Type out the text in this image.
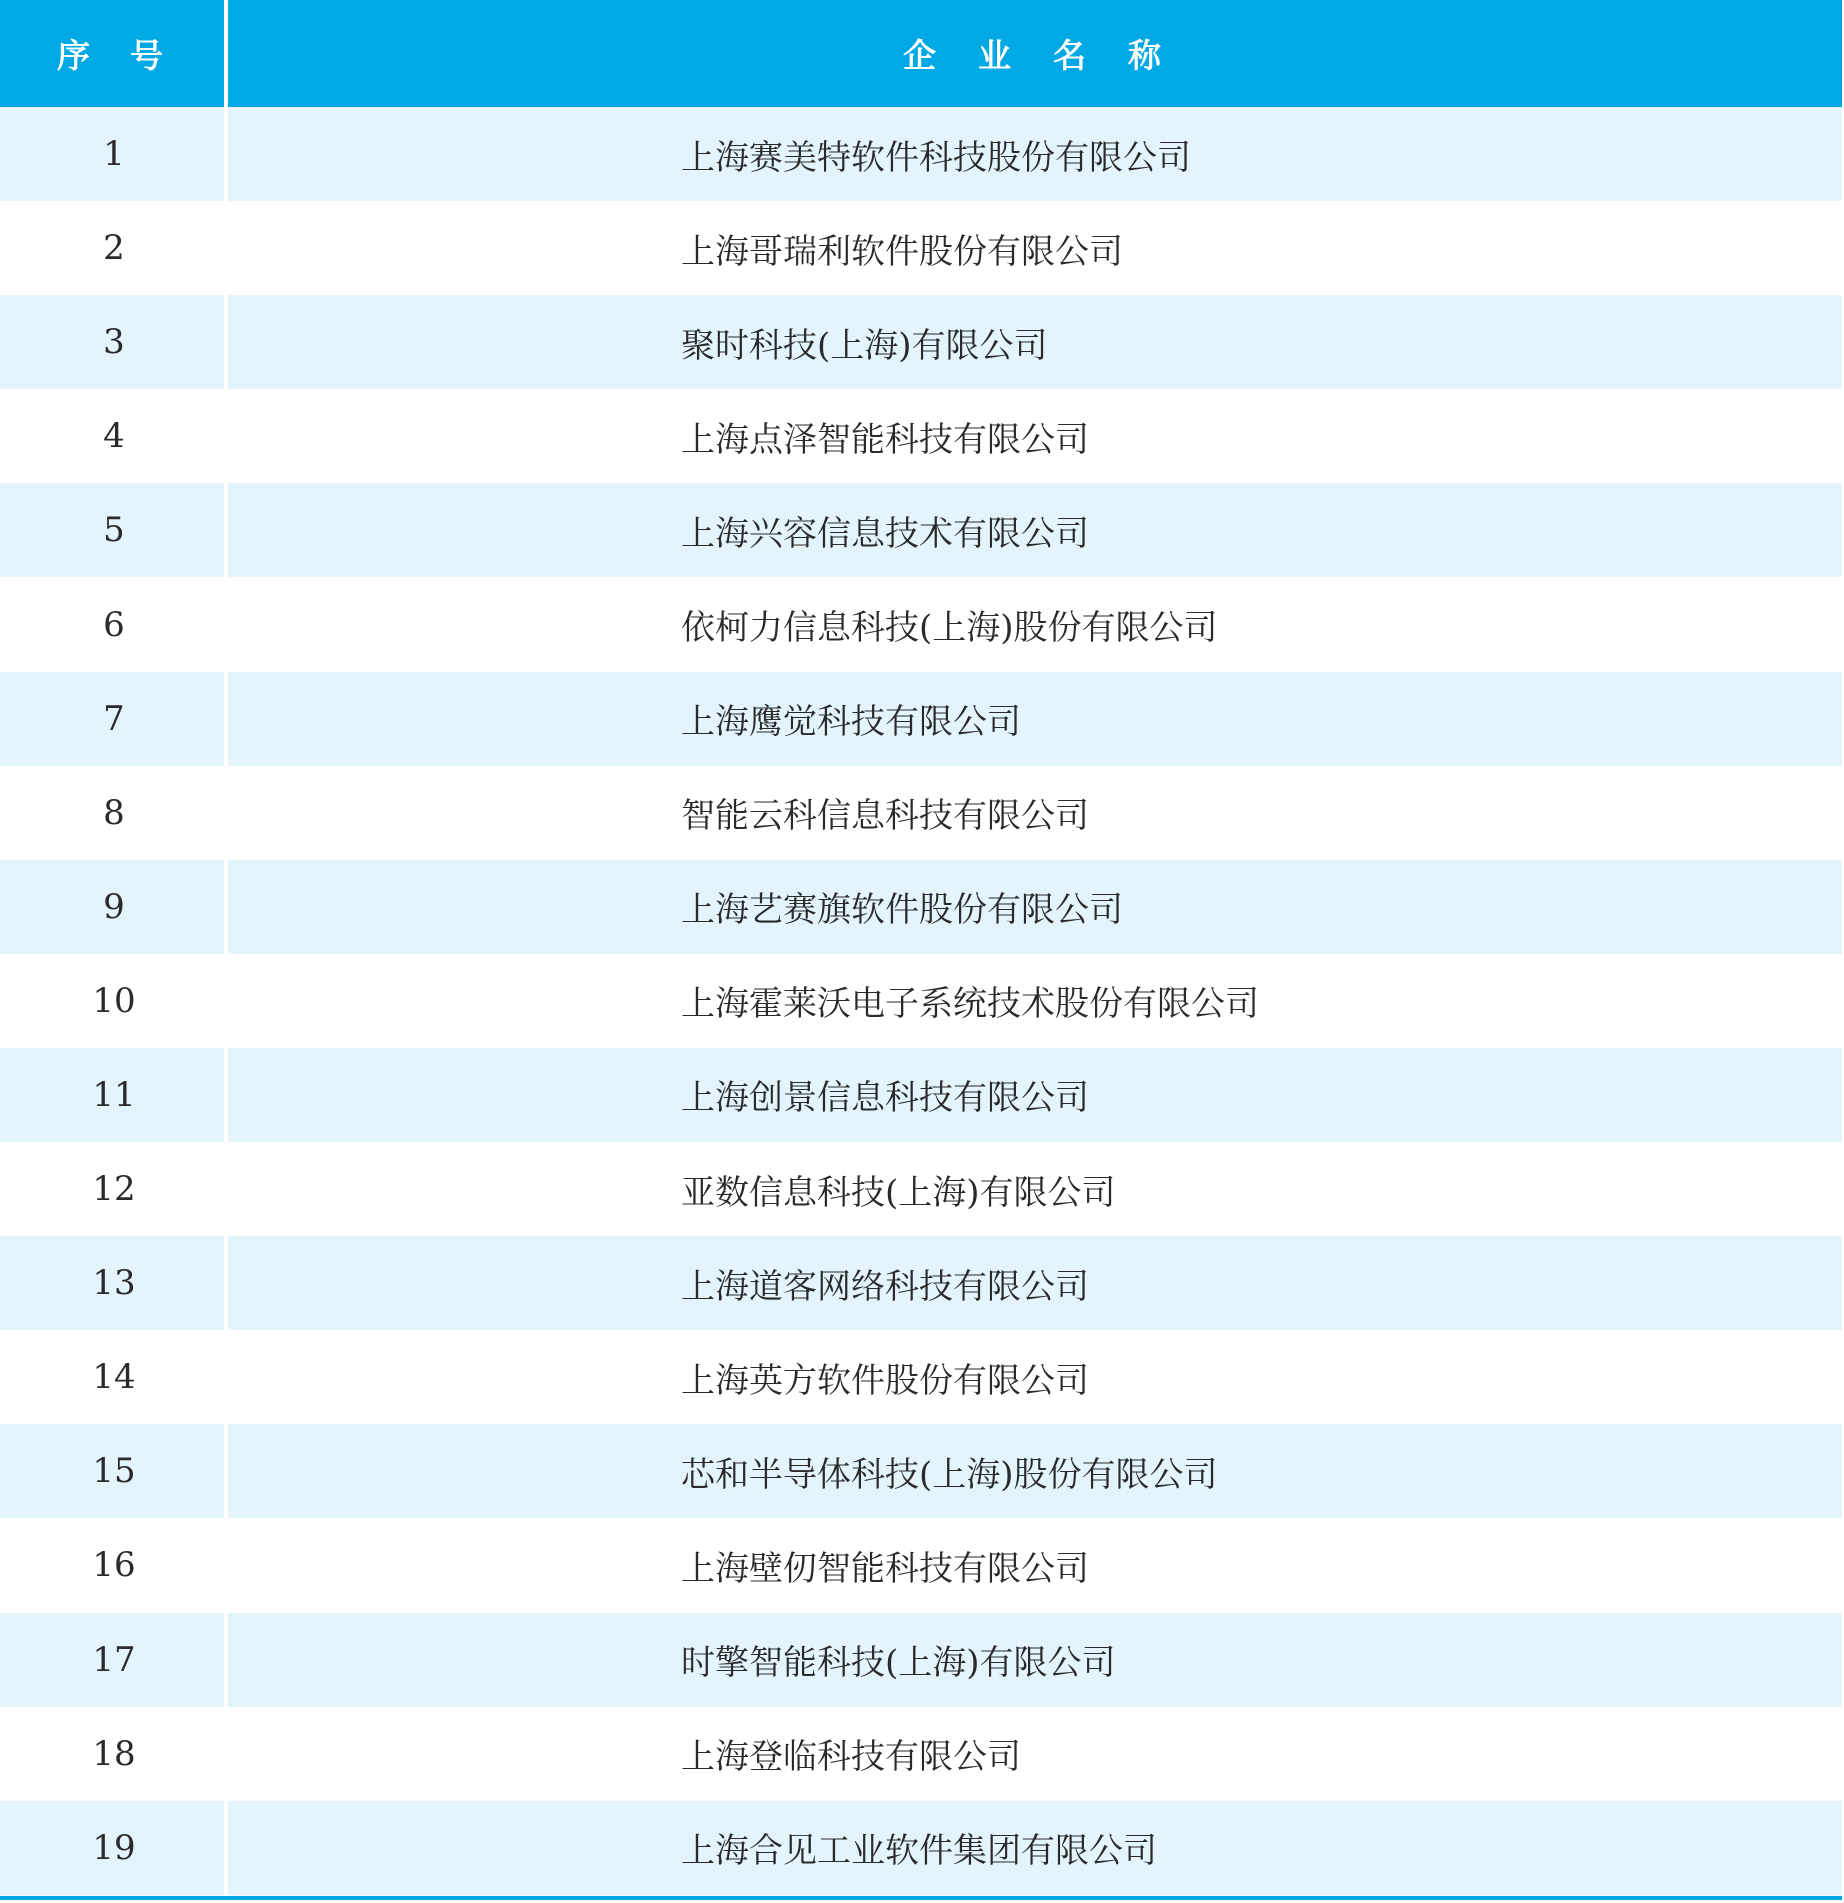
序号	企业名称
1	上海赛美特软件科技股份有限公司
2	上海哥瑞利软件股份有限公司
3	聚时科技(上海)有限公司
4	上海点泽智能科技有限公司
5	上海兴容信息技术有限公司
6	依柯力信息科技(上海)股份有限公司
7	上海鹰觉科技有限公司
8	智能云科信息科技有限公司
9	上海艺赛旗软件股份有限公司
10	上海霍莱沃电子系统技术股份有限公司
11	上海创景信息科技有限公司
12	亚数信息科技(上海)有限公司
13	上海道客网络科技有限公司
14	上海英方软件股份有限公司
15	芯和半导体科技(上海)股份有限公司
16	上海壁仞智能科技有限公司
17	时擎智能科技(上海)有限公司
18	上海登临科技有限公司
19	上海合见工业软件集团有限公司
